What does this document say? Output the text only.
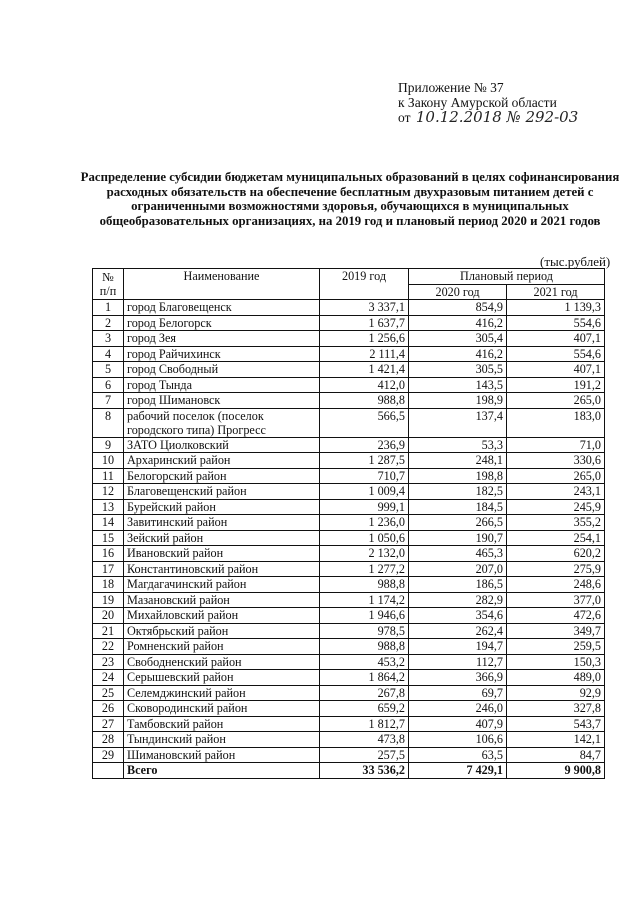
Приложение № 37
к Закону Амурской области
от 10.12.2018 № 292-03
Распределение субсидии бюджетам муниципальных образований в целях софинансирования расходных обязательств на обеспечение бесплатным двухразовым питанием детей с ограниченными возможностями здоровья, обучающихся в муниципальных общеобразовательных организациях, на 2019 год и плановый период 2020 и 2021 годов
(тыс.рублей)
№ п/п	Наименование	2019 год	Плановый период	
			2020 год	2021 год
1	город Благовещенск	3 337,1	854,9	1 139,3
2	город Белогорск	1 637,7	416,2	554,6
3	город Зея	1 256,6	305,4	407,1
4	город Райчихинск	2 111,4	416,2	554,6
5	город Свободный	1 421,4	305,5	407,1
6	город Тында	412,0	143,5	191,2
7	город Шимановск	988,8	198,9	265,0
8	рабочий поселок (поселок городского типа) Прогресс	566,5	137,4	183,0
9	ЗАТО Циолковский	236,9	53,3	71,0
10	Архаринский район	1 287,5	248,1	330,6
11	Белогорский район	710,7	198,8	265,0
12	Благовещенский район	1 009,4	182,5	243,1
13	Бурейский район	999,1	184,5	245,9
14	Завитинский район	1 236,0	266,5	355,2
15	Зейский район	1 050,6	190,7	254,1
16	Ивановский район	2 132,0	465,3	620,2
17	Константиновский район	1 277,2	207,0	275,9
18	Магдагачинский район	988,8	186,5	248,6
19	Мазановский район	1 174,2	282,9	377,0
20	Михайловский район	1 946,6	354,6	472,6
21	Октябрьский район	978,5	262,4	349,7
22	Ромненский район	988,8	194,7	259,5
23	Свободненский район	453,2	112,7	150,3
24	Серышевский район	1 864,2	366,9	489,0
25	Селемджинский район	267,8	69,7	92,9
26	Сковородинский район	659,2	246,0	327,8
27	Тамбовский район	1 812,7	407,9	543,7
28	Тындинский район	473,8	106,6	142,1
29	Шимановский район	257,5	63,5	84,7
	Всего	33 536,2	7 429,1	9 900,8
